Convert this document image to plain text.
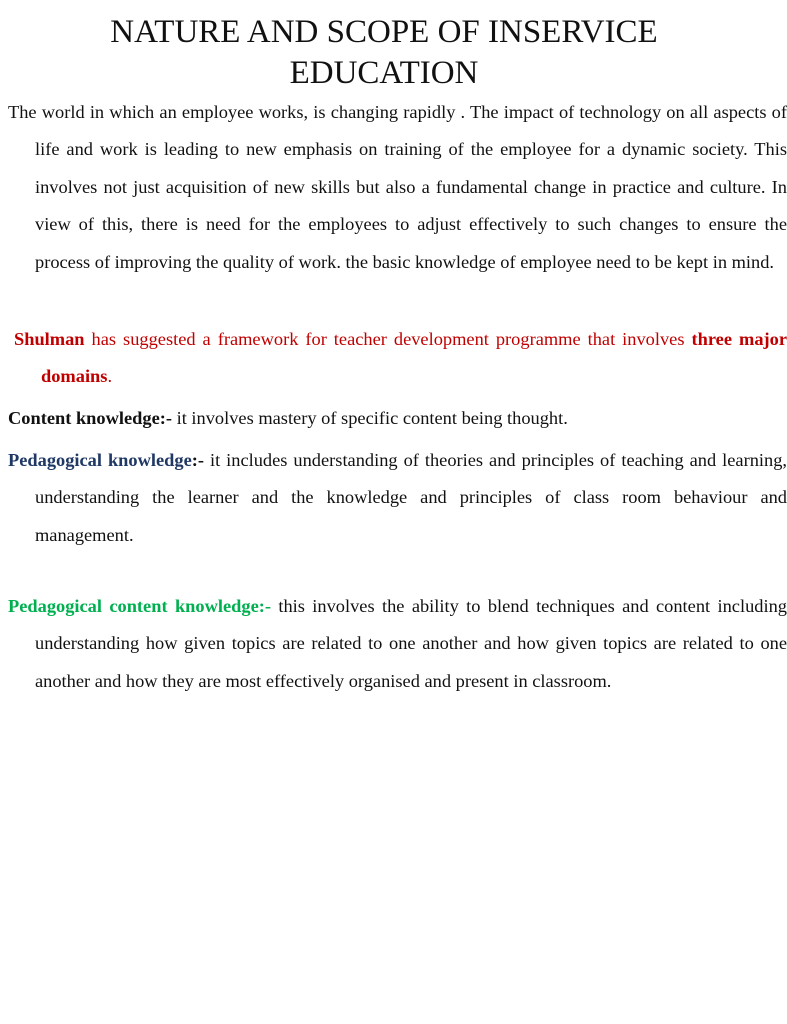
NATURE AND SCOPE OF INSERVICE
EDUCATION

The world in which an employee works, is changing rapidly . The impact of technology on all aspects of life and work is leading to new emphasis on training of the employee for a dynamic society. This involves not just acquisition of new skills but also a fundamental change in practice and culture. In view of this, there is need for the employees to adjust effectively to such changes to ensure the process of improving the quality of work. the basic knowledge of employee need to be kept in mind.

Shulman has suggested a framework for teacher development programme that involves three major domains.

Content knowledge:- it involves mastery of specific content being thought.

Pedagogical knowledge:- it includes understanding of theories and principles of teaching and learning, understanding the learner and the knowledge and principles of class room behaviour and management.

Pedagogical content knowledge:- this involves the ability to blend techniques and content including understanding how given topics are related to one another and how given topics are related to one another and how they are most effectively organised and present in classroom.
